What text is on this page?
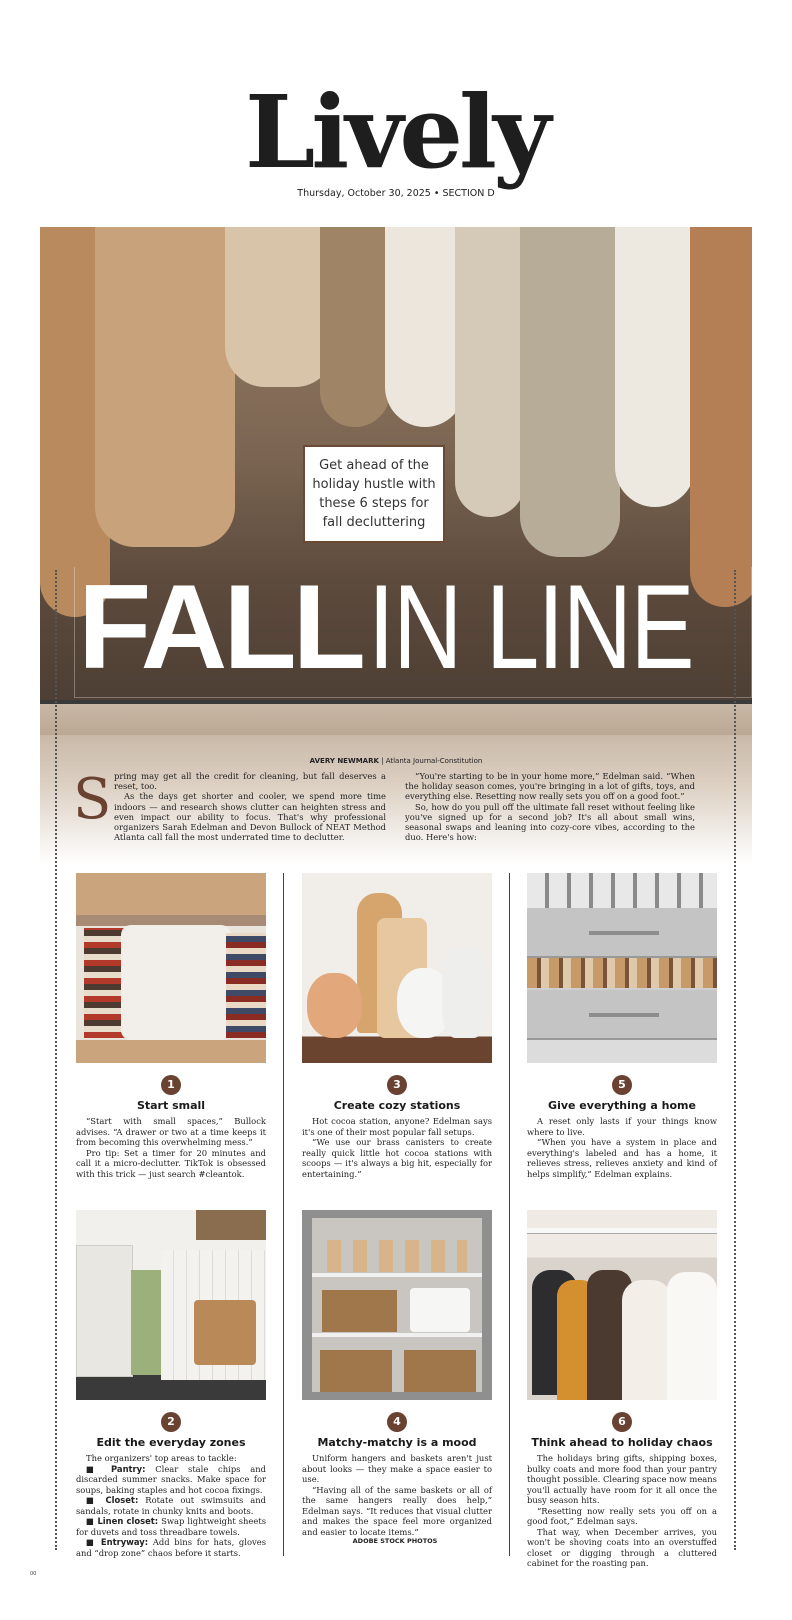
Lively
Thursday, October 30, 2025 • SECTION D
Get ahead of the holiday hustle with these 6 steps for fall decluttering
FALLIN LINE
AVERY NEWMARK | Atlanta Journal-Constitution
S pring may get all the credit for cleaning, but fall deserves a reset, too.

As the days get shorter and cooler, we spend more time indoors — and research shows clutter can heighten stress and even impact our ability to focus. That's why professional organizers Sarah Edelman and Devon Bullock of NEAT Method Atlanta call fall the most underrated time to declutter.

“You're starting to be in your home more,” Edelman said. “When the holiday season comes, you're bringing in a lot of gifts, toys, and everything else. Resetting now really sets you off on a good foot.”

So, how do you pull off the ultimate fall reset without feeling like you've signed up for a second job? It's all about small wins, seasonal swaps and leaning into cozy-core vibes, according to the duo. Here's how:

1
Start small

“Start with small spaces,” Bullock advises. “A drawer or two at a time keeps it from becoming this overwhelming mess.”

Pro tip: Set a timer for 20 minutes and call it a micro-declutter. TikTok is obsessed with this trick — just search #cleantok.

3
Create cozy stations

Hot cocoa station, anyone? Edelman says it's one of their most popular fall setups.

“We use our brass canisters to create really quick little hot cocoa stations with scoops — it's always a big hit, especially for entertaining.”

5
Give everything a home

A reset only lasts if your things know where to live.

“When you have a system in place and everything's labeled and has a home, it relieves stress, relieves anxiety and kind of helps simplify,” Edelman explains.

2
Edit the everyday zones

The organizers' top areas to tackle:

■ Pantry: Clear stale chips and discarded summer snacks. Make space for soups, baking staples and hot cocoa fixings.

■ Closet: Rotate out swimsuits and sandals, rotate in chunky knits and boots.

■ Linen closet: Swap lightweight sheets for duvets and toss threadbare towels.

■ Entryway: Add bins for hats, gloves and “drop zone” chaos before it starts.

4
Matchy-matchy is a mood

Uniform hangers and baskets aren't just about looks — they make a space easier to use.

“Having all of the same baskets or all of the same hangers really does help,” Edelman says. “It reduces that visual clutter and makes the space feel more organized and easier to locate items.”

6
Think ahead to holiday chaos

The holidays bring gifts, shipping boxes, bulky coats and more food than your pantry thought possible. Clearing space now means you'll actually have room for it all once the busy season hits.

“Resetting now really sets you off on a good foot,” Edelman says.

That way, when December arrives, you won't be shoving coats into an overstuffed closet or digging through a cluttered cabinet for the roasting pan.

ADOBE STOCK PHOTOS
00
